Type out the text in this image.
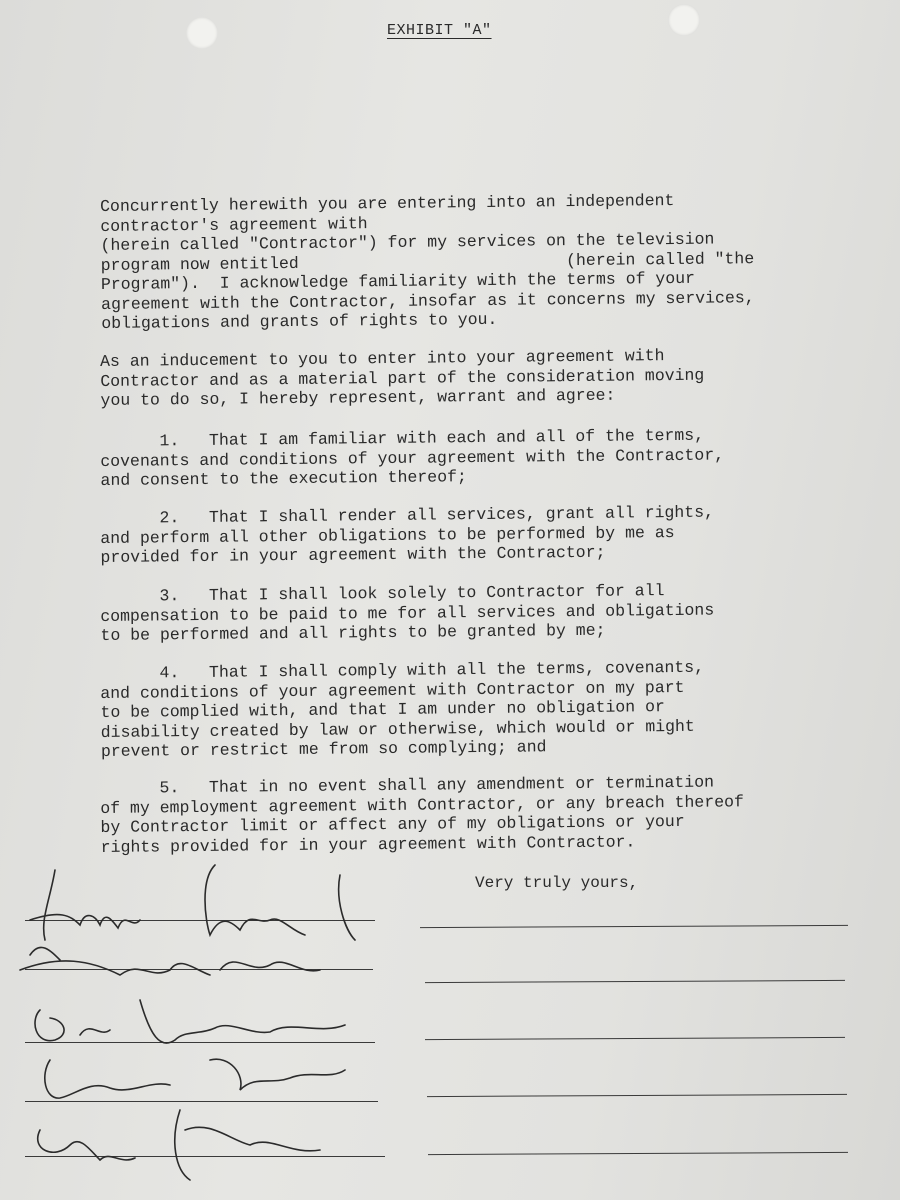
EXHIBIT "A"
Concurrently herewith you are entering into an independent
contractor's agreement with
(herein called "Contractor") for my services on the television
program now entitled                           (herein called "the
Program").  I acknowledge familiarity with the terms of your
agreement with the Contractor, insofar as it concerns my services,
obligations and grants of rights to you.
As an inducement to you to enter into your agreement with
Contractor and as a material part of the consideration moving
you to do so, I hereby represent, warrant and agree:
1.   That I am familiar with each and all of the terms,
covenants and conditions of your agreement with the Contractor,
and consent to the execution thereof;
2.   That I shall render all services, grant all rights,
and perform all other obligations to be performed by me as
provided for in your agreement with the Contractor;
3.   That I shall look solely to Contractor for all
compensation to be paid to me for all services and obligations
to be performed and all rights to be granted by me;
4.   That I shall comply with all the terms, covenants,
and conditions of your agreement with Contractor on my part
to be complied with, and that I am under no obligation or
disability created by law or otherwise, which would or might
prevent or restrict me from so complying; and
5.   That in no event shall any amendment or termination
of my employment agreement with Contractor, or any breach thereof
by Contractor limit or affect any of my obligations or your
rights provided for in your agreement with Contractor.
Very truly yours,
